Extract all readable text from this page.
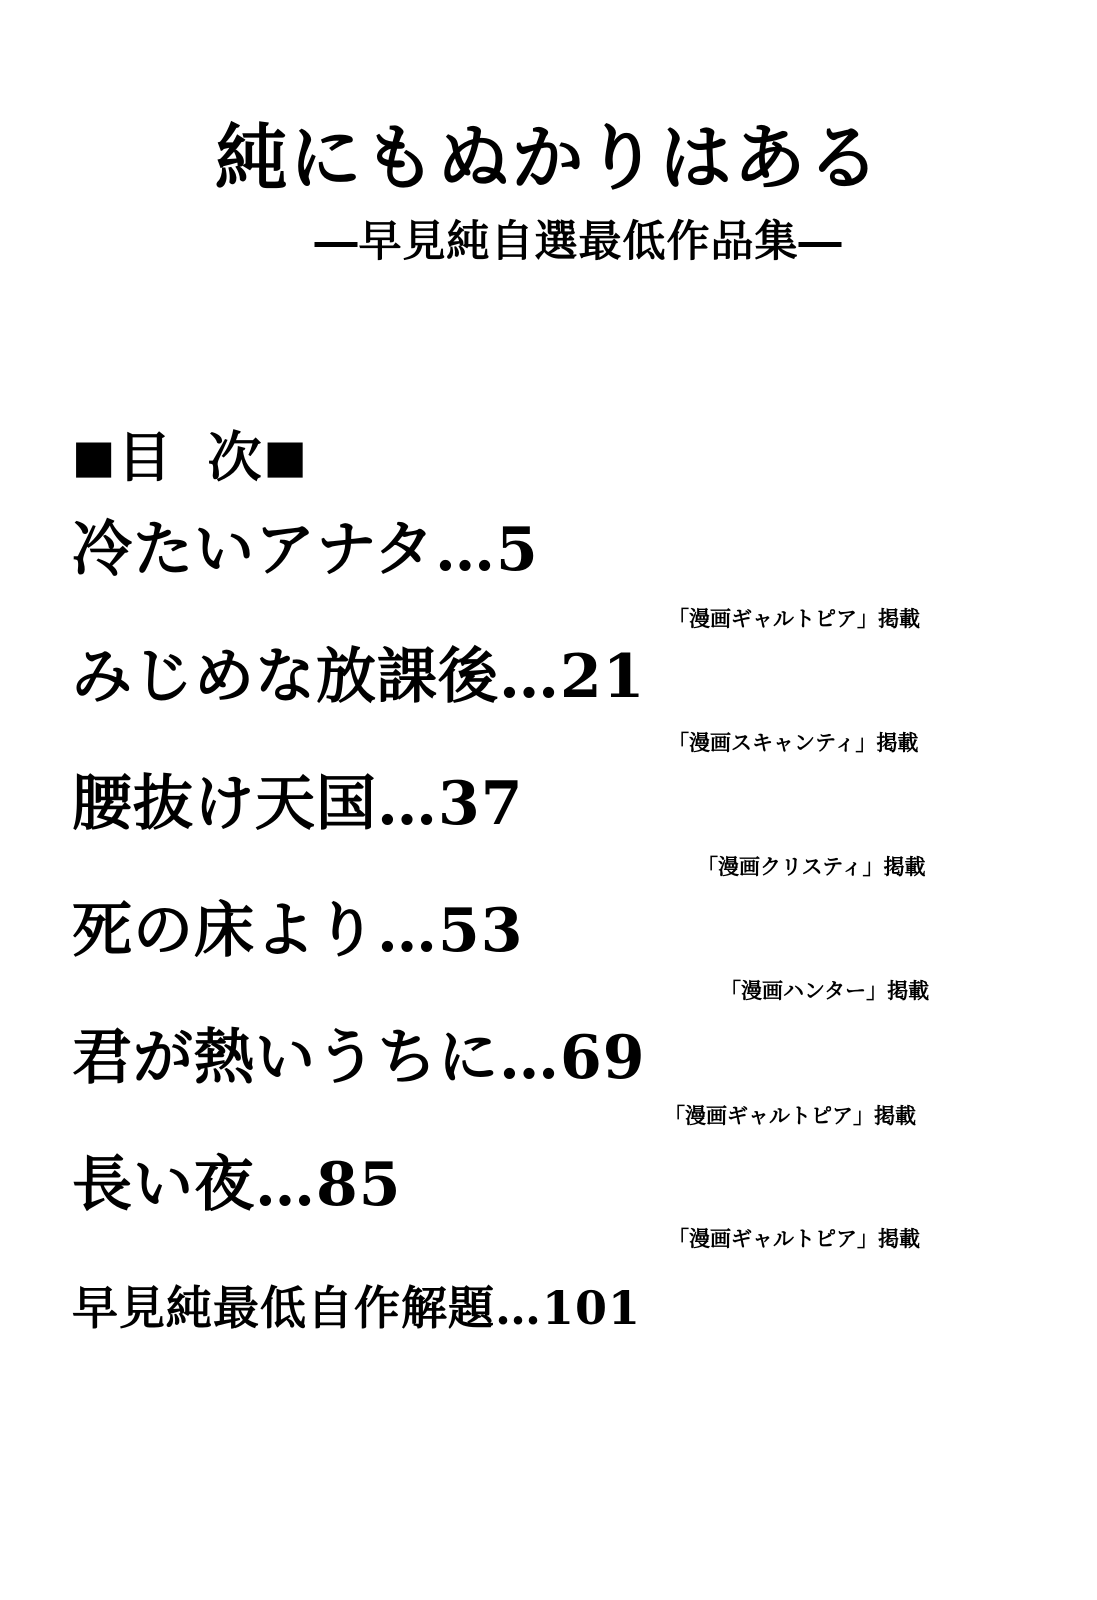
純にもぬかりはある
―早見純自選最低作品集―
■目 次■
冷たいアナタ…5
みじめな放課後…21
腰抜け天国…37
死の床より…53
君が熱いうちに…69
長い夜…85
「漫画ギャルトピア」掲載
「漫画スキャンティ」掲載
「漫画クリスティ」掲載
「漫画ハンター」掲載
「漫画ギャルトピア」掲載
「漫画ギャルトピア」掲載
早見純最低自作解題…101
